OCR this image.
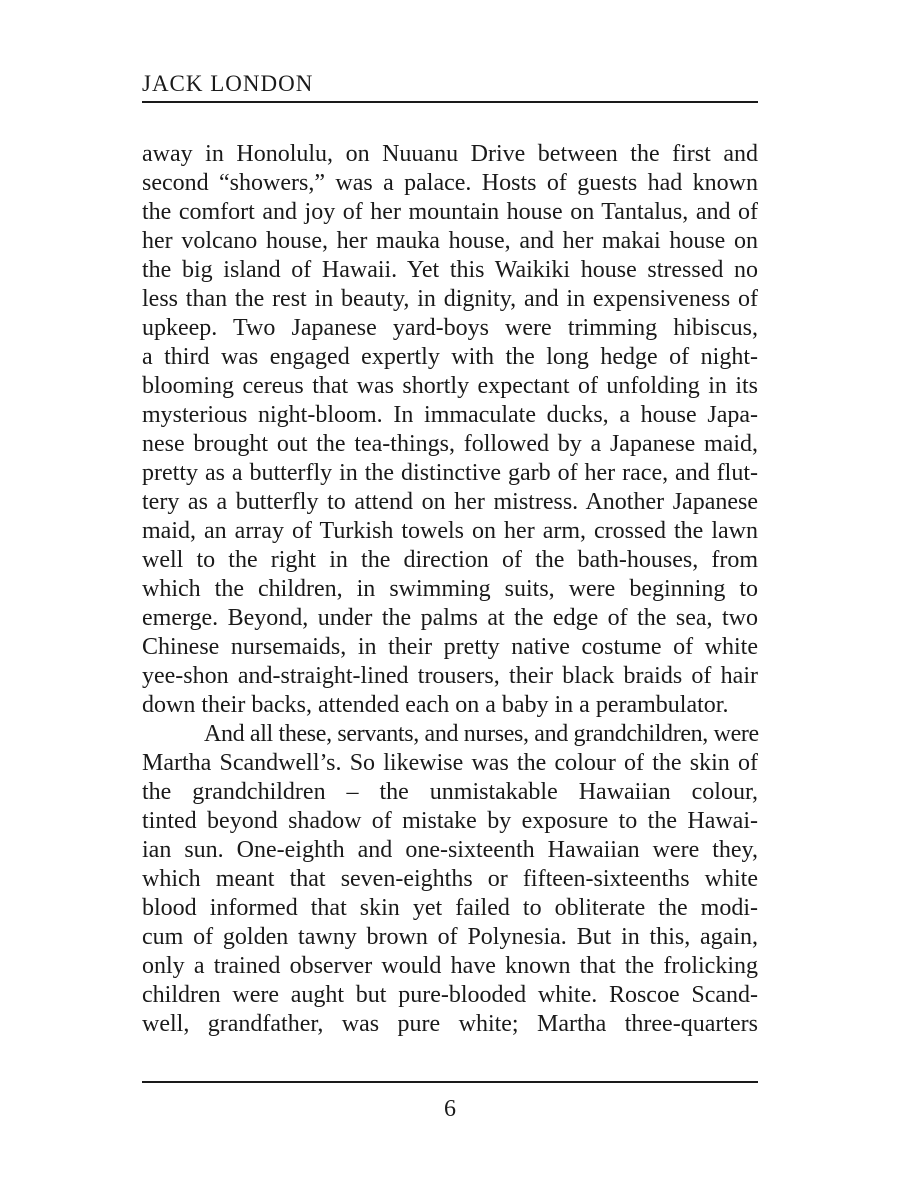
JACK LONDON
away in Honolulu, on Nuuanu Drive between the first and
second “showers,” was a palace. Hosts of guests had known
the comfort and joy of her mountain house on Tantalus, and of
her volcano house, her mauka house, and her makai house on
the big island of Hawaii. Yet this Waikiki house stressed no
less than the rest in beauty, in dignity, and in expensiveness of
upkeep. Two Japanese yard-boys were trimming hibiscus,
a third was engaged expertly with the long hedge of night-
blooming cereus that was shortly expectant of unfolding in its
mysterious night-bloom. In immaculate ducks, a house Japa-
nese brought out the tea-things, followed by a Japanese maid,
pretty as a butterfly in the distinctive garb of her race, and flut-
tery as a butterfly to attend on her mistress. Another Japanese
maid, an array of Turkish towels on her arm, crossed the lawn
well to the right in the direction of the bath-houses, from
which the children, in swimming suits, were beginning to
emerge. Beyond, under the palms at the edge of the sea, two
Chinese nursemaids, in their pretty native costume of white
yee-shon and-straight-lined trousers, their black braids of hair
down their backs, attended each on a baby in a perambulator.
And all these, servants, and nurses, and grandchildren, were
Martha Scandwell’s. So likewise was the colour of the skin of
the grandchildren – the unmistakable Hawaiian colour,
tinted beyond shadow of mistake by exposure to the Hawai-
ian sun. One-eighth and one-sixteenth Hawaiian were they,
which meant that seven-eighths or fifteen-sixteenths white
blood informed that skin yet failed to obliterate the modi-
cum of golden tawny brown of Polynesia. But in this, again,
only a trained observer would have known that the frolicking
children were aught but pure-blooded white. Roscoe Scand-
well, grandfather, was pure white; Martha three-quarters
6
